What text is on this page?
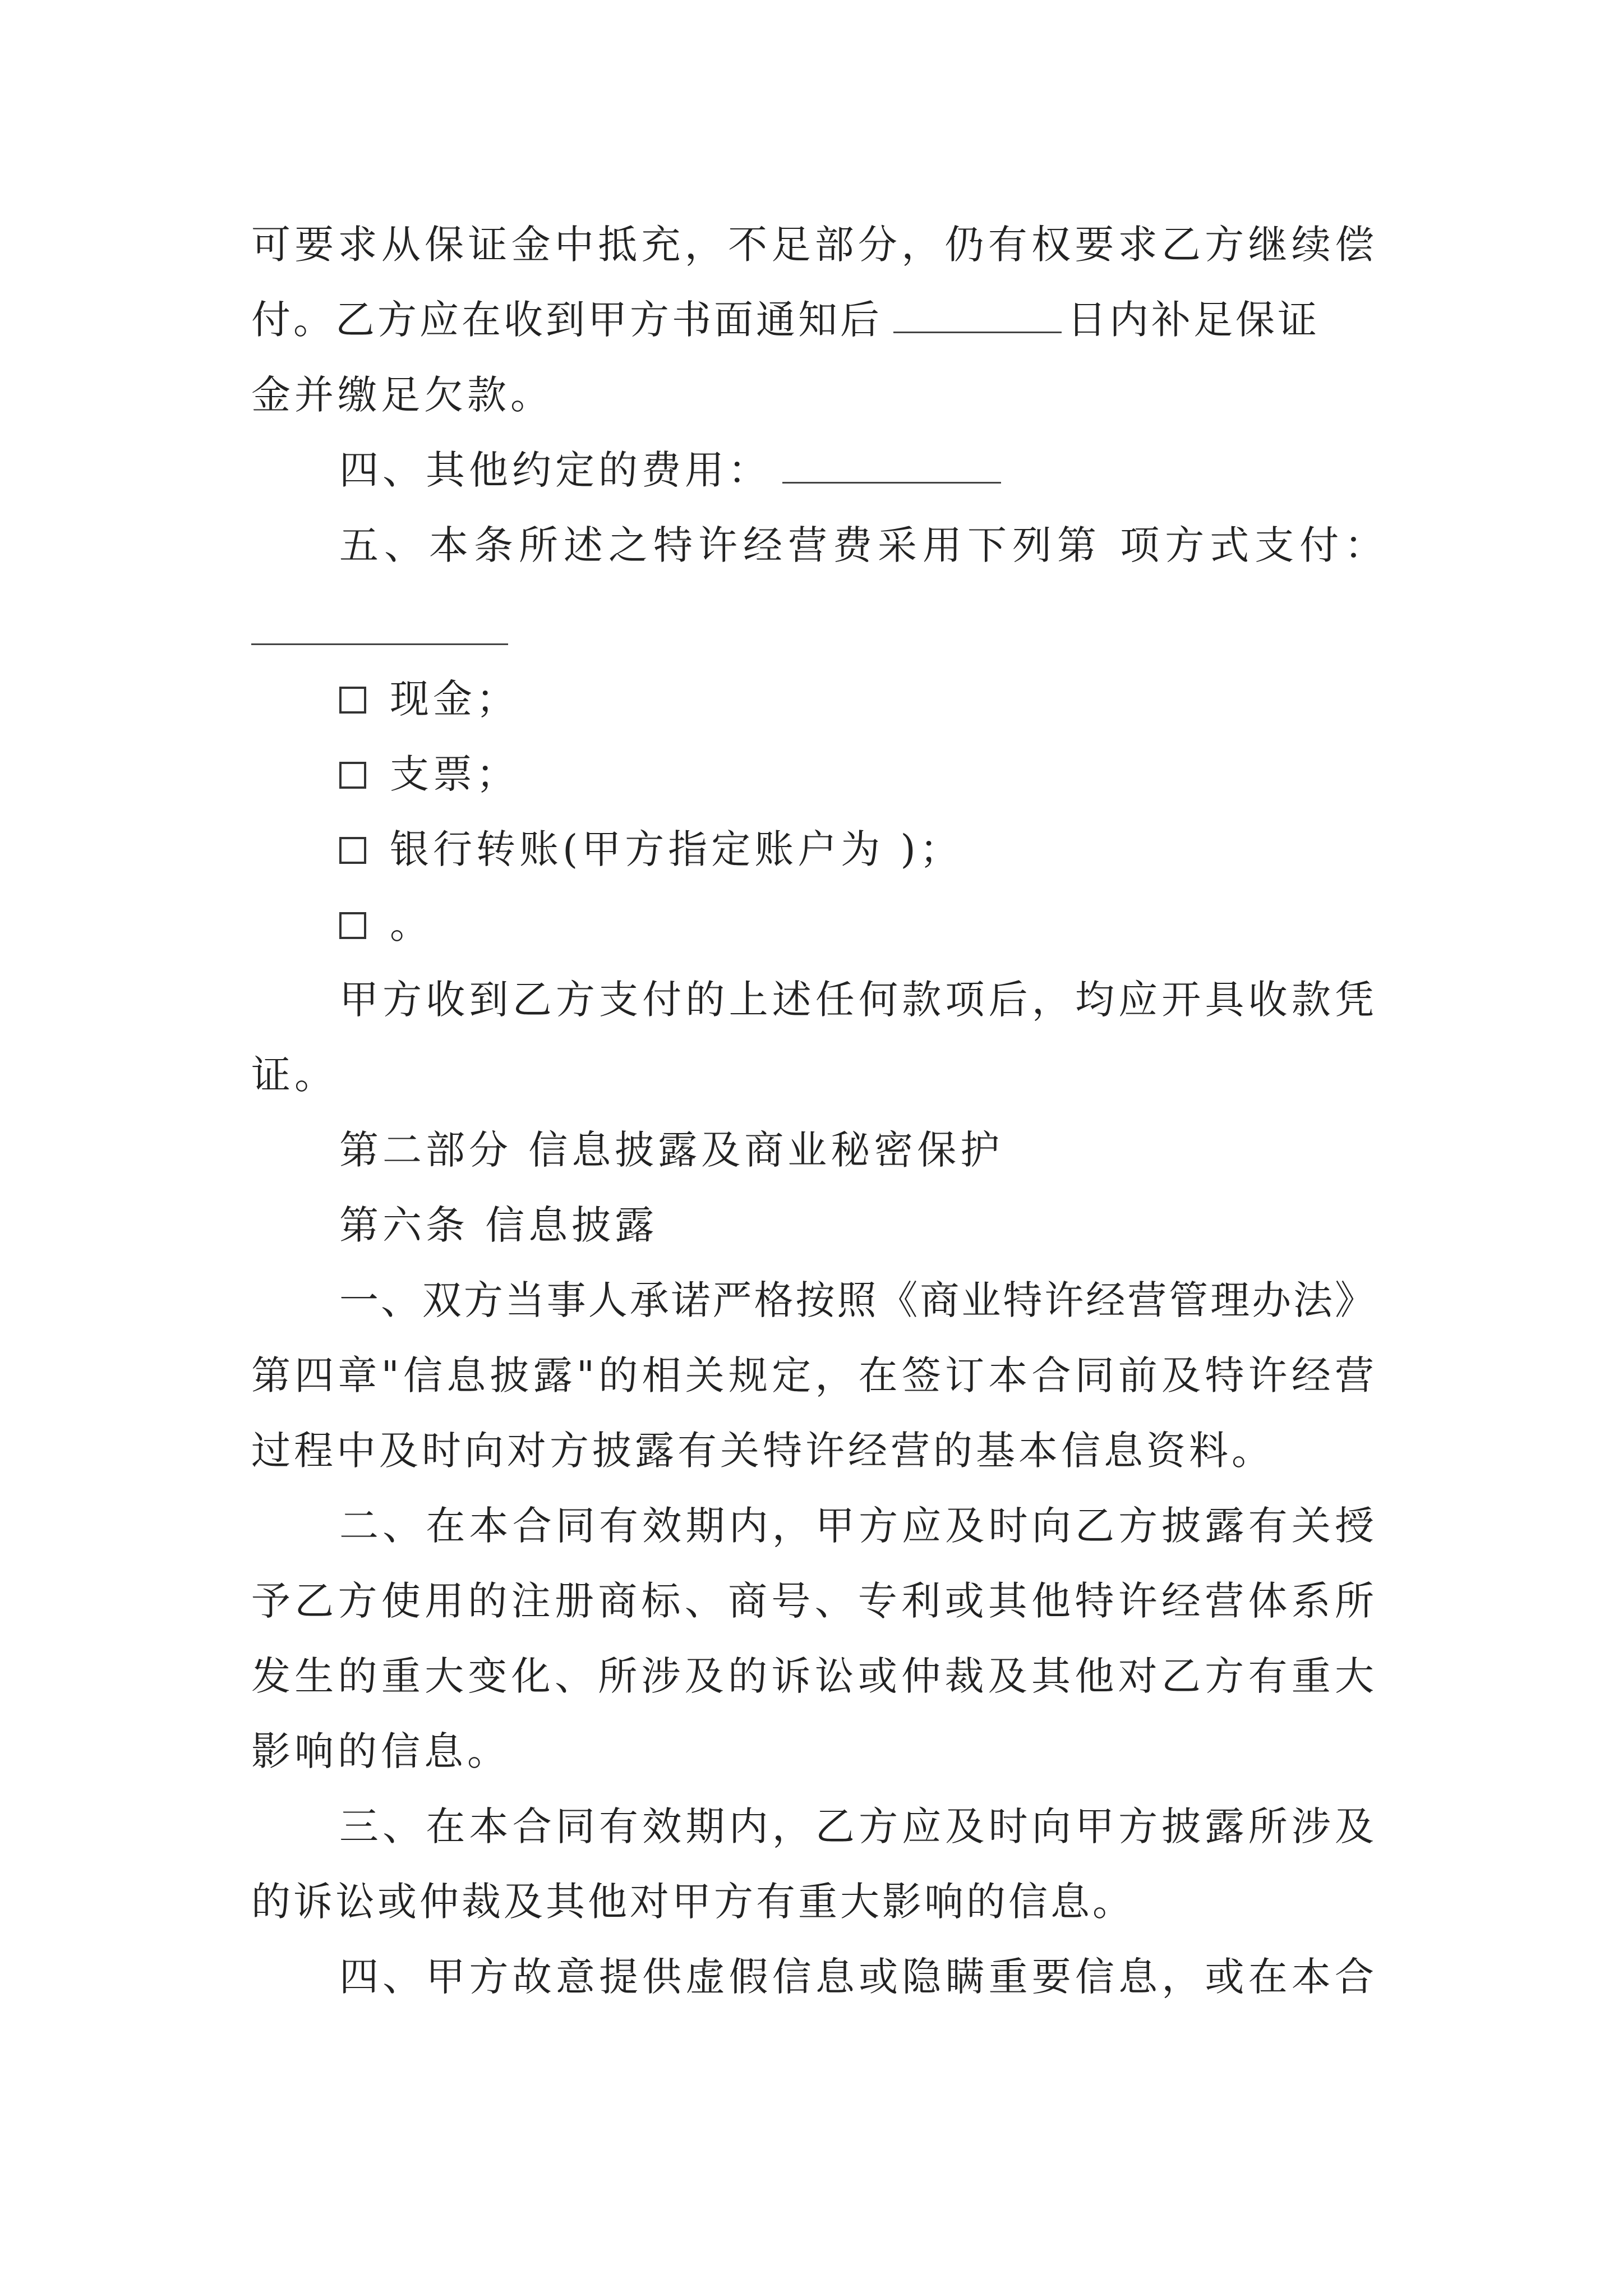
可要求从保证金中抵充，不足部分，仍有权要求乙方继续偿
付。乙方应在收到甲方书面通知后	日内补足保证
金并缴足欠款。
四、其他约定的费用：
五、本条所述之特许经营费采用下列第 项方式支付：
现金；
支票；
银行转账(甲方指定账户为 )；
。
甲方收到乙方支付的上述任何款项后，均应开具收款凭
证。
第二部分 信息披露及商业秘密保护
第六条 信息披露
一、双方当事人承诺严格按照《商业特许经营管理办法》
第四章"信息披露"的相关规定，在签订本合同前及特许经营
过程中及时向对方披露有关特许经营的基本信息资料。
二、在本合同有效期内，甲方应及时向乙方披露有关授
予乙方使用的注册商标、商号、专利或其他特许经营体系所
发生的重大变化、所涉及的诉讼或仲裁及其他对乙方有重大
影响的信息。
三、在本合同有效期内，乙方应及时向甲方披露所涉及
的诉讼或仲裁及其他对甲方有重大影响的信息。
四、甲方故意提供虚假信息或隐瞒重要信息，或在本合
